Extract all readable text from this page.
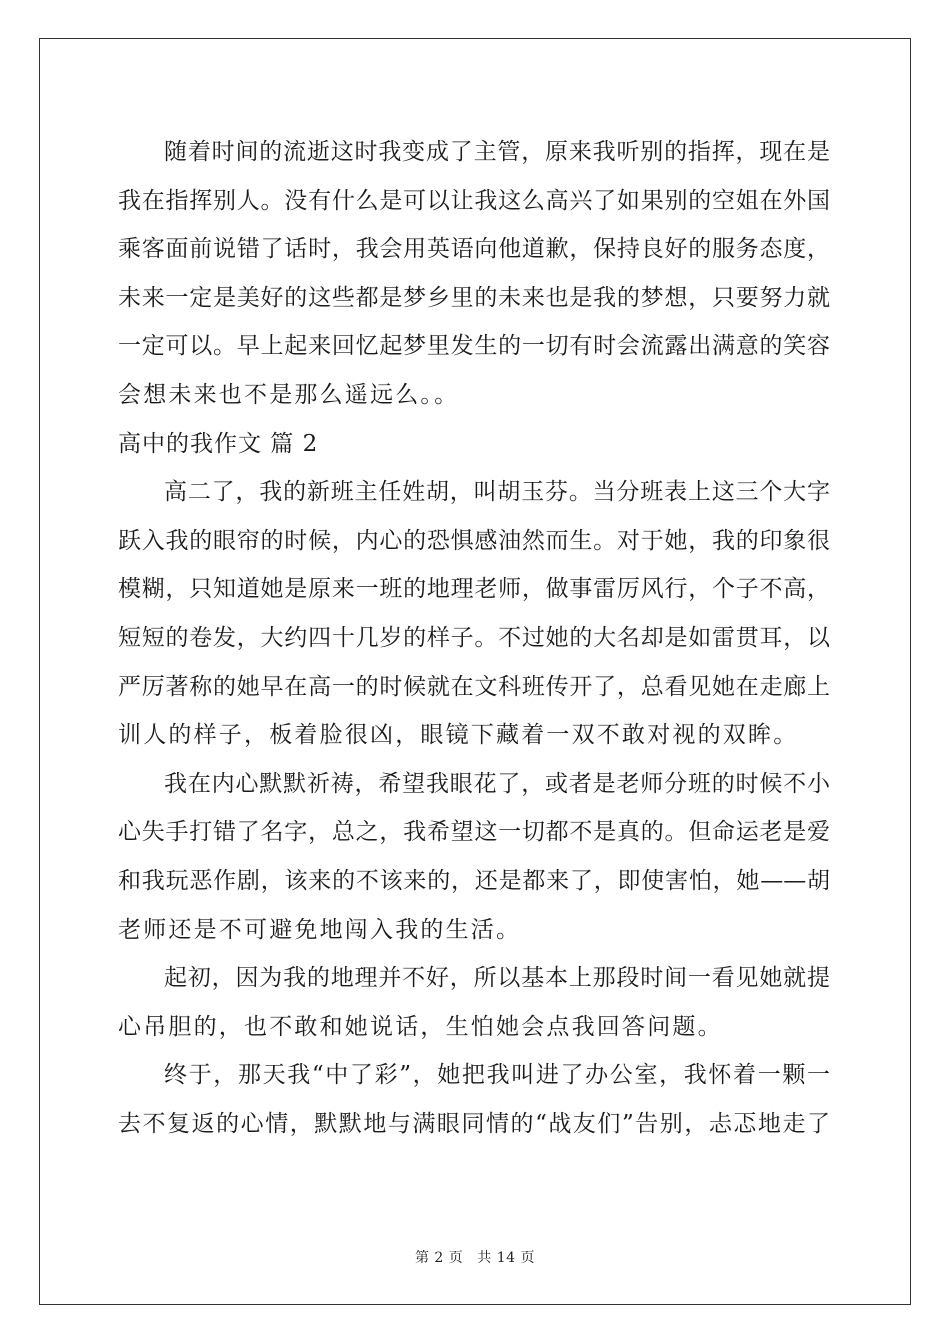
随着时间的流逝这时我变成了主管，原来我听别的指挥，现在是
我在指挥别人。没有什么是可以让我这么高兴了如果别的空姐在外国
乘客面前说错了话时，我会用英语向他道歉，保持良好的服务态度，
未来一定是美好的这些都是梦乡里的未来也是我的梦想，只要努力就
一定可以。早上起来回忆起梦里发生的一切有时会流露出满意的笑容
会想未来也不是那么遥远么。。
高中的我作文 篇 2
高二了，我的新班主任姓胡，叫胡玉芬。当分班表上这三个大字
跃入我的眼帘的时候，内心的恐惧感油然而生。对于她，我的印象很
模糊，只知道她是原来一班的地理老师，做事雷厉风行，个子不高，
短短的卷发，大约四十几岁的样子。不过她的大名却是如雷贯耳，以
严厉著称的她早在高一的时候就在文科班传开了，总看见她在走廊上
训人的样子，板着脸很凶，眼镜下藏着一双不敢对视的双眸。
我在内心默默祈祷，希望我眼花了，或者是老师分班的时候不小
心失手打错了名字，总之，我希望这一切都不是真的。但命运老是爱
和我玩恶作剧，该来的不该来的，还是都来了，即使害怕，她——胡
老师还是不可避免地闯入我的生活。
起初，因为我的地理并不好，所以基本上那段时间一看见她就提
心吊胆的，也不敢和她说话，生怕她会点我回答问题。
终于，那天我“中了彩”，她把我叫进了办公室，我怀着一颗一
去不复返的心情，默默地与满眼同情的“战友们”告别，忐忑地走了
第 2 页 共 14 页
